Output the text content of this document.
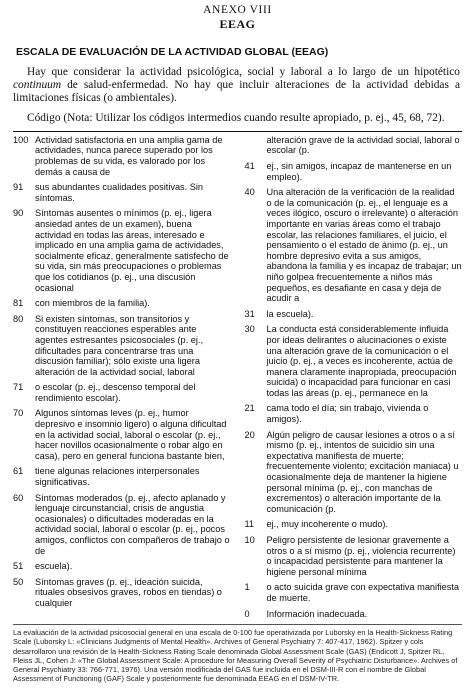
ANEXO VIII
EEAG
ESCALA DE EVALUACIÓN DE LA ACTIVIDAD GLOBAL (EEAG)

Hay que considerar la actividad psicológica, social y laboral a lo largo de un hipotético continuum de salud-enfermedad. No hay que incluir alteraciones de la actividad debidas a limitaciones físicas (o ambientales).

Código (Nota: Utilizar los códigos intermedios cuando resulte apropiado, p. ej., 45, 68, 72).

100 Actividad satisfactoria en una amplia gama de actividades, nunca parece superado por los problemas de su vida, es valorado por los demás a causa de
91	sus abundantes cualidades positivas. Sin síntomas.
90	Síntomas ausentes o mínimos (p. ej., ligera ansiedad antes de un examen), buena actividad en todas las áreas, interesado e implicado en una amplia gama de actividades, socialmente eficaz, generalmente satisfecho de su vida, sin más preocupaciones o problemas que los cotidianos (p. ej., una discusión ocasional
81	con miembros de la familia).
80	Si existen síntomas, son transitorios y constituyen reacciones esperables ante agentes estresantes psicosociales (p. ej., dificultades para concentrarse tras una discusión familiar); sólo existe una ligera alteración de la actividad social, laboral
71	o escolar (p. ej., descenso temporal del rendimiento escolar).
70	Algunos síntomas leves (p. ej., humor depresivo e insomnio ligero) o alguna dificultad en la actividad social, laboral o escolar (p. ej., hacer novillos ocasionalmente o robar algo en casa), pero en general funciona bastante bien,
61	tiene algunas relaciones interpersonales significativas.
60	Síntomas moderados (p. ej., afecto aplanado y lenguaje circunstancial, crisis de angustia ocasionales) o dificultades moderadas en la actividad social, laboral o escolar (p. ej., pocos amigos, conflictos con compañeros de trabajo o de
51	escuela).
50	Síntomas graves (p. ej., ideación suicida, rituales obsesivos graves, robos en tiendas) o cualquier
alteración grave de la actividad social, laboral o escolar (p.
41	ej., sin amigos, incapaz de mantenerse en un empleo).
40	Una alteración de la verificación de la realidad o de la comunicación (p. ej., el lenguaje es a veces ilógico, oscuro o irrelevante) o alteración importante en varias áreas como el trabajo escolar, las relaciones familiares, el juicio, el pensamiento o el estado de ánimo (p. ej., un hombre depresivo evita a sus amigos, abandona la familia y es incapaz de trabajar; un niño golpea frecuentemente a niños más pequeños, es desafiante en casa y deja de acudir a
31	la escuela).
30	La conducta está considerablemente influida por ideas delirantes o alucinaciones o existe una alteración grave de la comunicación o el juicio (p. ej., a veces es incoherente, actúa de manera claramente inapropiada, preocupación suicida) o incapacidad para funcionar en casi todas las áreas (p. ej., permanece en la
21	cama todo el día; sin trabajo, vivienda o amigos).
20	Algún peligro de causar lesiones a otros o a sí mismo (p. ej., intentos de suicidio sin una expectativa manifiesta de muerte; frecuentemente violento; excitación maniaca) u ocasionalmente deja de mantener la higiene personal mínima (p. ej., con manchas de excrementos) o alteración importante de la comunicación (p.
11	ej., muy incoherente o mudo).
10	Peligro persistente de lesionar gravemente a otros o a sí mismo (p. ej., violencia recurrente) o incapacidad persistente para mantener la higiene personal mínima
1	o acto suicida grave con expectativa manifiesta de muerte.
0	Información inadecuada.
La evaluación de la actividad psicosocial general en una escala de 0-100 fue operativizada por Luborsky en la Health-Sickness Rating Scale (Luborsky L: «Clinicians Judgments of Mental Health». Archives of General Psychiatry 7: 407-417, 1962). Spitzer y cols desarrollaron una revisión de la Health-Sickness Rating Scale denominada Global Assessment Scale (GAS) (Endicott J, Spitzer RL, Fleiss JL, Cohen J: «The Global Assessment Scale: A procedure for Measuring Overall Severity of Psychiatric Disturbance». Archives of General Psychiatry 33: 766-771, 1976). Una versión modificada del GAS fue incluida en el DSM-III-R con el nombre de Global Assessment of Functioning (GAF) Scale y posteriormente fue denominada EEAG en el DSM-IV-TR.
